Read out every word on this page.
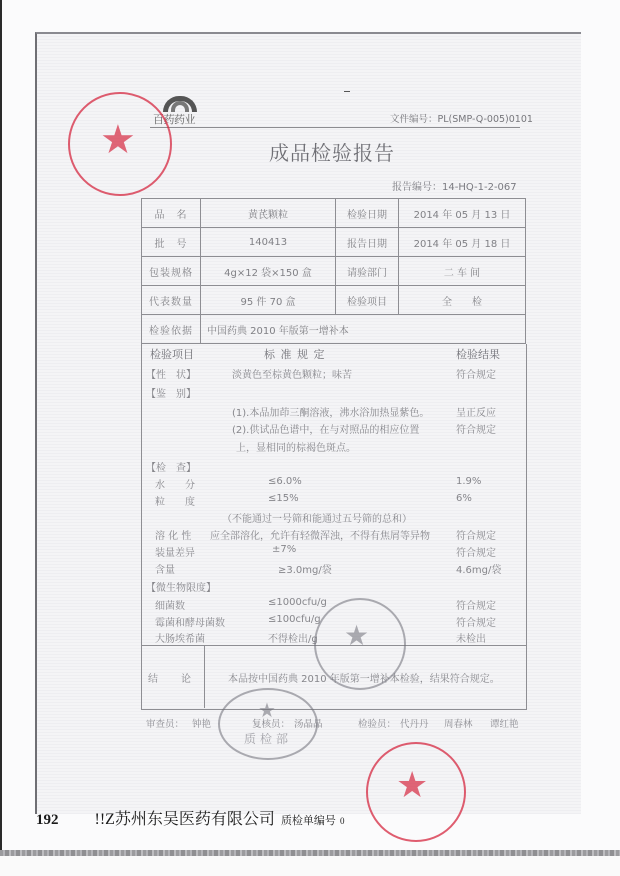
百药药业	文件编号：PL(SMP-Q-005)0101
成品检验报告
报告编号：14-HQ-1-2-067
品　名	黄芪颗粒	检验日期	2014 年 05 月 13 日
批　号	140413	报告日期	2014 年 05 月 18 日
包装规格	4g×12 袋×150 盒	请验部门	二 车 间
代表数量	95 件 70 盒	检验项目	全　　检
检验依据	中国药典 2010 年版第一增补本		
检验项目	标 准 规 定	检验结果
【性　状】	淡黄色至棕黄色颗粒；味苦	符合规定
【鉴　别】
(1).本品加茚三酮溶液，沸水浴加热显紫色。	呈正反应
(2).供试品色谱中，在与对照品的相应位置	符合规定
上，显相同的棕褐色斑点。
【检　查】
水　　分	≤6.0%	1.9%
粒　　度	≤15%	6%
（不能通过一号筛和能通过五号筛的总和）
溶 化 性 应全部溶化，允许有轻微浑浊，不得有焦屑等异物	符合规定
装量差异	±7%	符合规定
含量	≥3.0mg/袋	4.6mg/袋
【微生物限度】
细菌数	≤1000cfu/g	符合规定
霉菌和酵母菌数	≤100cfu/g	符合规定
大肠埃希菌	不得检出/g	未检出
结　　论	本品按中国药典 2010 年版第一增补本检验，结果符合规定。
审查员： 钟艳	复核员： 汤晶晶	检验员： 代丹丹 周春林 谭红艳
★
★
★
质检部
★
192 !!Z苏州东吴医药有限公司 质检单编号 0
